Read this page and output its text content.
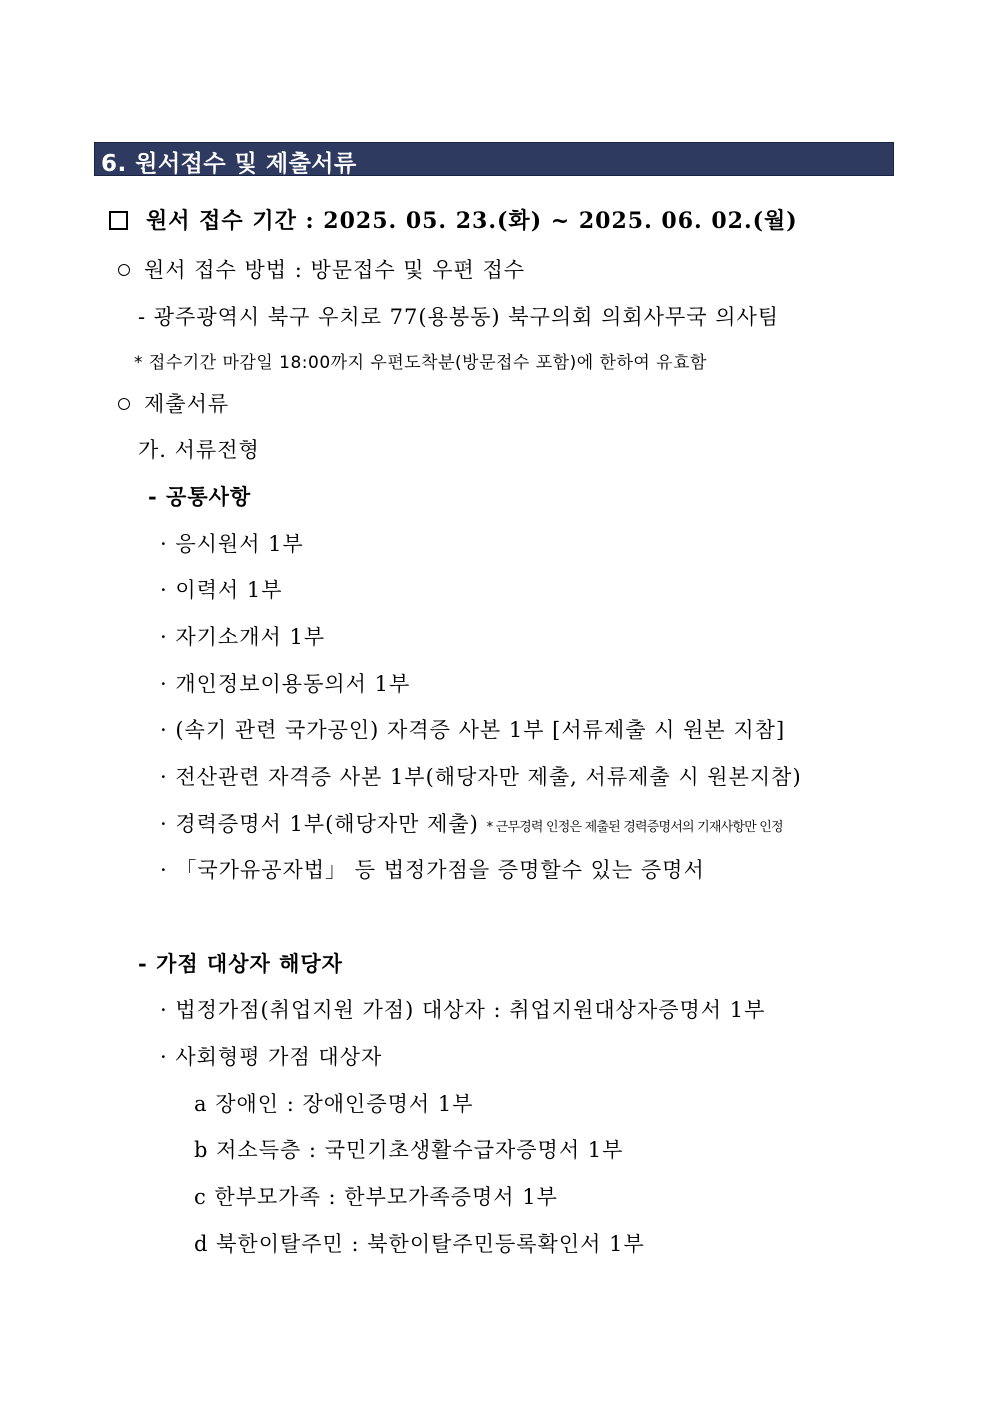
6. 원서접수 및 제출서류
원서 접수 기간 : 2025. 05. 23.(화) ~ 2025. 06. 02.(월)
원서 접수 방법 : 방문접수 및 우편 접수
- 광주광역시 북구 우치로 77(용봉동) 북구의회 의회사무국 의사팀
* 접수기간 마감일 18:00까지 우편도착분(방문접수 포함)에 한하여 유효함
제출서류
가. 서류전형
- 공통사항
· 응시원서 1부
· 이력서 1부
· 자기소개서 1부
· 개인정보이용동의서 1부
· (속기 관련 국가공인) 자격증 사본 1부 [서류제출 시 원본 지참]
· 전산관련 자격증 사본 1부(해당자만 제출, 서류제출 시 원본지참)
· 경력증명서 1부(해당자만 제출) * 근무경력 인정은 제출된 경력증명서의 기재사항만 인정
· 「국가유공자법」 등 법정가점을 증명할수 있는 증명서
- 가점 대상자 해당자
· 법정가점(취업지원 가점) 대상자 : 취업지원대상자증명서 1부
· 사회형평 가점 대상자
a 장애인 : 장애인증명서 1부
b 저소득층 : 국민기초생활수급자증명서 1부
c 한부모가족 : 한부모가족증명서 1부
d 북한이탈주민 : 북한이탈주민등록확인서 1부
